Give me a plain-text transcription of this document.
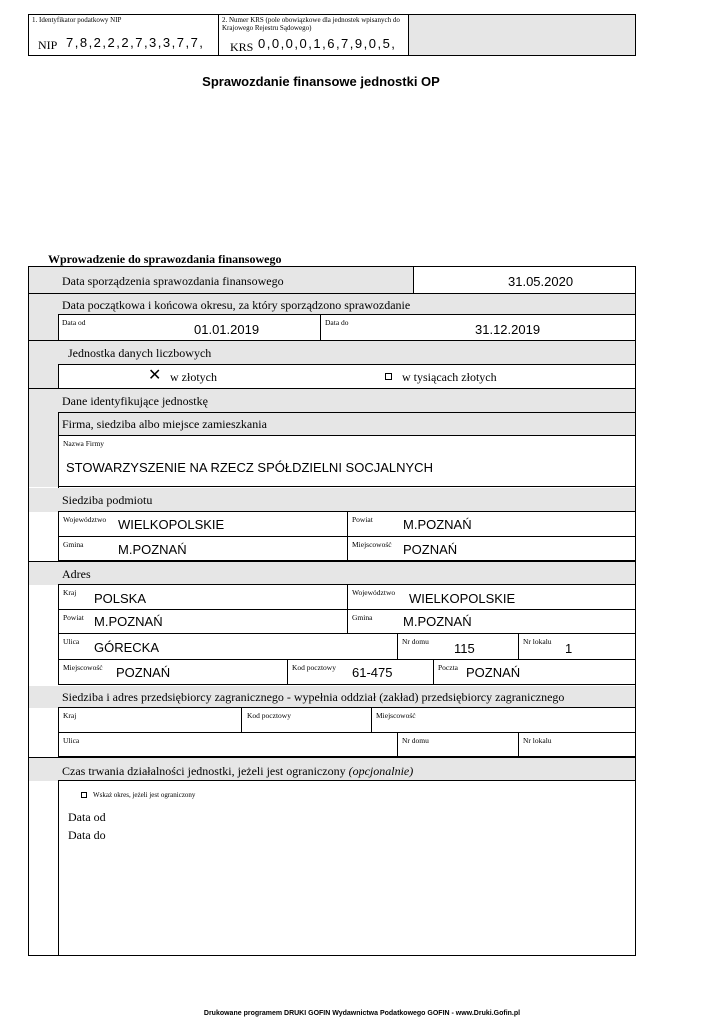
1. Identyfikator podatkowy NIP
NIP 7,8,2,2,2,7,3,3,7,7,
2. Numer KRS (pole obowiązkowe dla jednostek wpisanych do Krajowego Rejestru Sądowego)
KRS 0,0,0,0,1,6,7,9,0,5,
Sprawozdanie finansowe jednostki OP
Wprowadzenie do sprawozdania finansowego
Data sporządzenia sprawozdania finansowego	31.05.2020
Data początkowa i końcowa okresu, za który sporządzono sprawozdanie
Data od	01.01.2019	Data do	31.12.2019
Jednostka danych liczbowych
✕ w złotych	w tysiącach złotych
Dane identyfikujące jednostkę
Firma, siedziba albo miejsce zamieszkania
Nazwa Firmy
STOWARZYSZENIE NA RZECZ SPÓŁDZIELNI SOCJALNYCH
Siedziba podmiotu
Województwo WIELKOPOLSKIE	Powiat M.POZNAŃ
Gmina	M.POZNAŃ	Miejscowość POZNAŃ
Adres
Kraj POLSKA	Województwo WIELKOPOLSKIE
Powiat M.POZNAŃ	Gmina M.POZNAŃ
Ulica GÓRECKA	Nr domu 115	Nr lokalu 1
Miejscowość POZNAŃ	Kod pocztowy 61-475	Poczta POZNAŃ
Siedziba i adres przedsiębiorcy zagranicznego - wypełnia oddział (zakład) przedsiębiorcy zagranicznego
Kraj	Kod pocztowy	Miejscowość
Ulica	Nr domu	Nr lokalu
Czas trwania działalności jednostki, jeżeli jest ograniczony (opcjonalnie)
Wskaż okres, jeżeli jest ograniczony
Data od
Data do
Drukowane programem DRUKI GOFIN Wydawnictwa Podatkowego GOFIN - www.Druki.Gofin.pl
